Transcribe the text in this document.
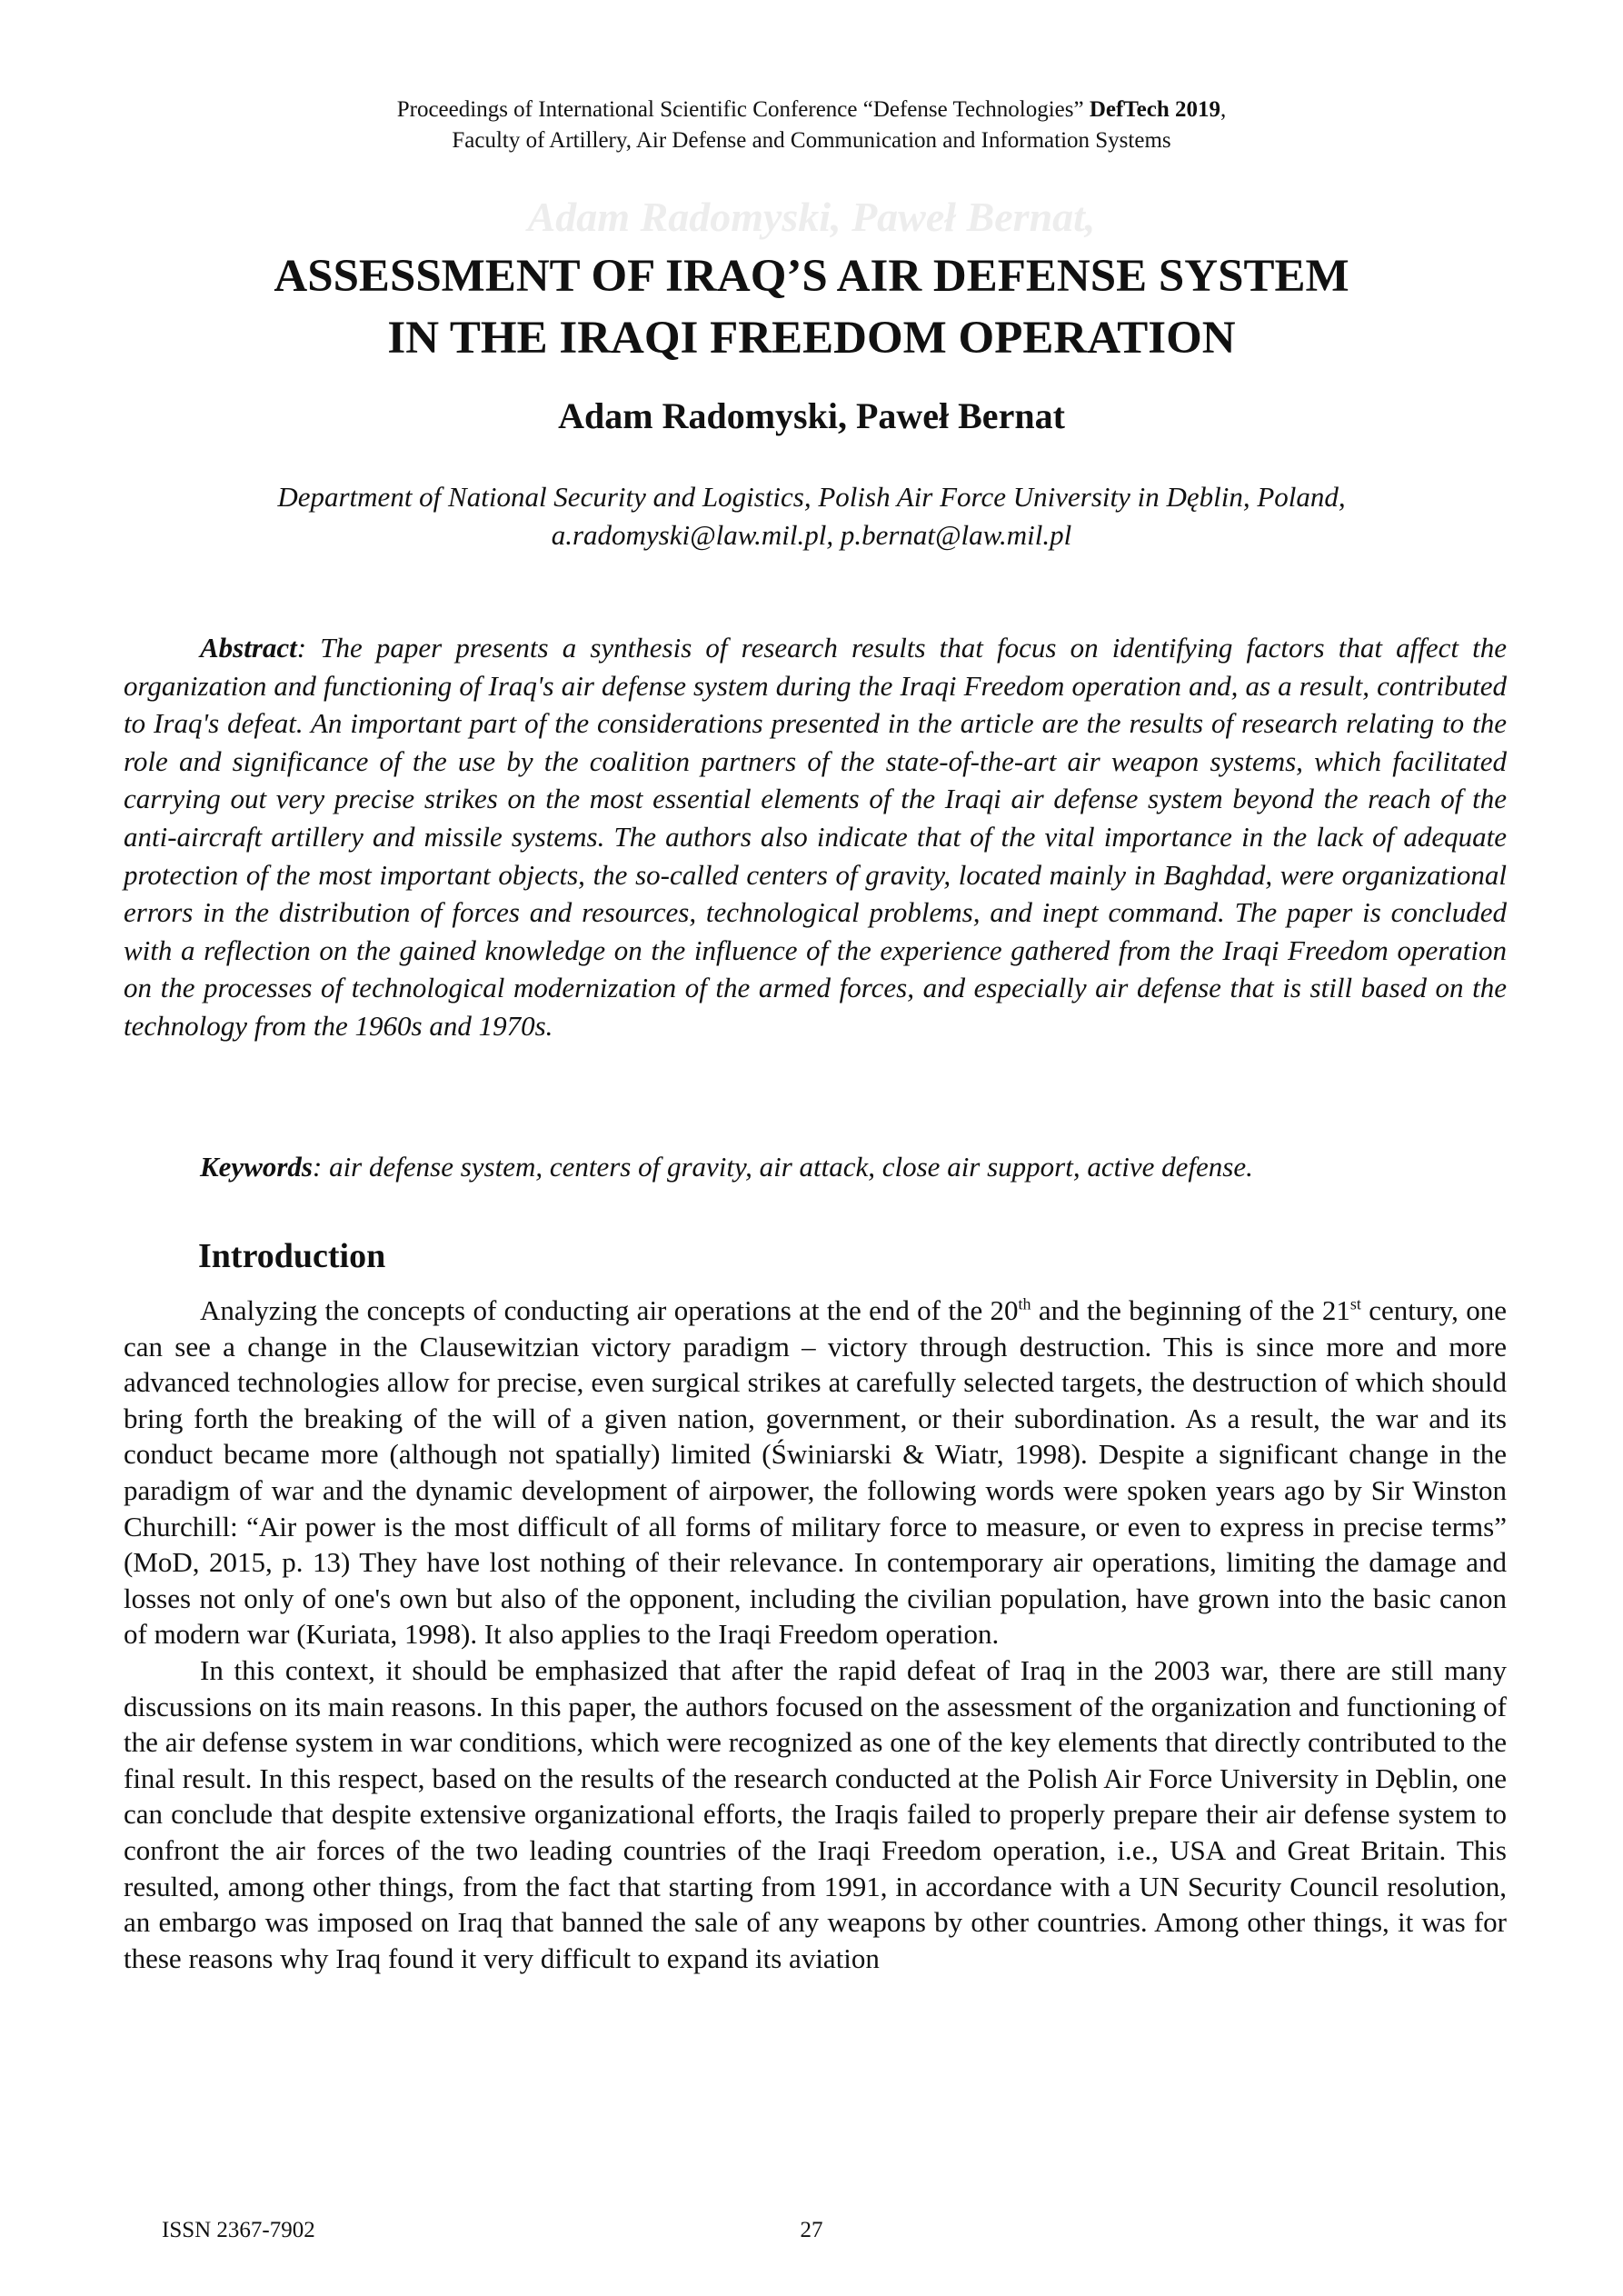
Proceedings of International Scientific Conference “Defense Technologies” DefTech 2019,
Faculty of Artillery, Air Defense and Communication and Information Systems
Adam Radomyski, Paweł Bernat,
ASSESSMENT OF IRAQ’S AIR DEFENSE SYSTEM
IN THE IRAQI FREEDOM OPERATION
Adam Radomyski, Paweł Bernat
Department of National Security and Logistics, Polish Air Force University in Dęblin, Poland,
a.radomyski@law.mil.pl, p.bernat@law.mil.pl
Abstract: The paper presents a synthesis of research results that focus on identifying factors that affect the organization and functioning of Iraq's air defense system during the Iraqi Freedom operation and, as a result, contributed to Iraq's defeat. An important part of the considerations presented in the article are the results of research relating to the role and significance of the use by the coalition partners of the state-of-the-art air weapon systems, which facilitated carrying out very precise strikes on the most essential elements of the Iraqi air defense system beyond the reach of the anti-aircraft artillery and missile systems. The authors also indicate that of the vital importance in the lack of adequate protection of the most important objects, the so-called centers of gravity, located mainly in Baghdad, were organizational errors in the distribution of forces and resources, technological problems, and inept command. The paper is concluded with a reflection on the gained knowledge on the influence of the experience gathered from the Iraqi Freedom operation on the processes of technological modernization of the armed forces, and especially air defense that is still based on the technology from the 1960s and 1970s.
Keywords: air defense system, centers of gravity, air attack, close air support, active defense.
Introduction

Analyzing the concepts of conducting air operations at the end of the 20th and the beginning of the 21st century, one can see a change in the Clausewitzian victory paradigm – victory through destruction. This is since more and more advanced technologies allow for precise, even surgical strikes at carefully selected targets, the destruction of which should bring forth the breaking of the will of a given nation, government, or their subordination. As a result, the war and its conduct became more (although not spatially) limited (Świniarski & Wiatr, 1998). Despite a significant change in the paradigm of war and the dynamic development of airpower, the following words were spoken years ago by Sir Winston Churchill: “Air power is the most difficult of all forms of military force to measure, or even to express in precise terms” (MoD, 2015, p. 13) They have lost nothing of their relevance. In contemporary air operations, limiting the damage and losses not only of one's own but also of the opponent, including the civilian population, have grown into the basic canon of modern war (Kuriata, 1998). It also applies to the Iraqi Freedom operation.

In this context, it should be emphasized that after the rapid defeat of Iraq in the 2003 war, there are still many discussions on its main reasons. In this paper, the authors focused on the assessment of the organization and functioning of the air defense system in war conditions, which were recognized as one of the key elements that directly contributed to the final result. In this respect, based on the results of the research conducted at the Polish Air Force University in Dęblin, one can conclude that despite extensive organizational efforts, the Iraqis failed to properly prepare their air defense system to confront the air forces of the two leading countries of the Iraqi Freedom operation, i.e., USA and Great Britain. This resulted, among other things, from the fact that starting from 1991, in accordance with a UN Security Council resolution, an embargo was imposed on Iraq that banned the sale of any weapons by other countries. Among other things, it was for these reasons why Iraq found it very difficult to expand its aviation

ISSN 2367-7902	27
